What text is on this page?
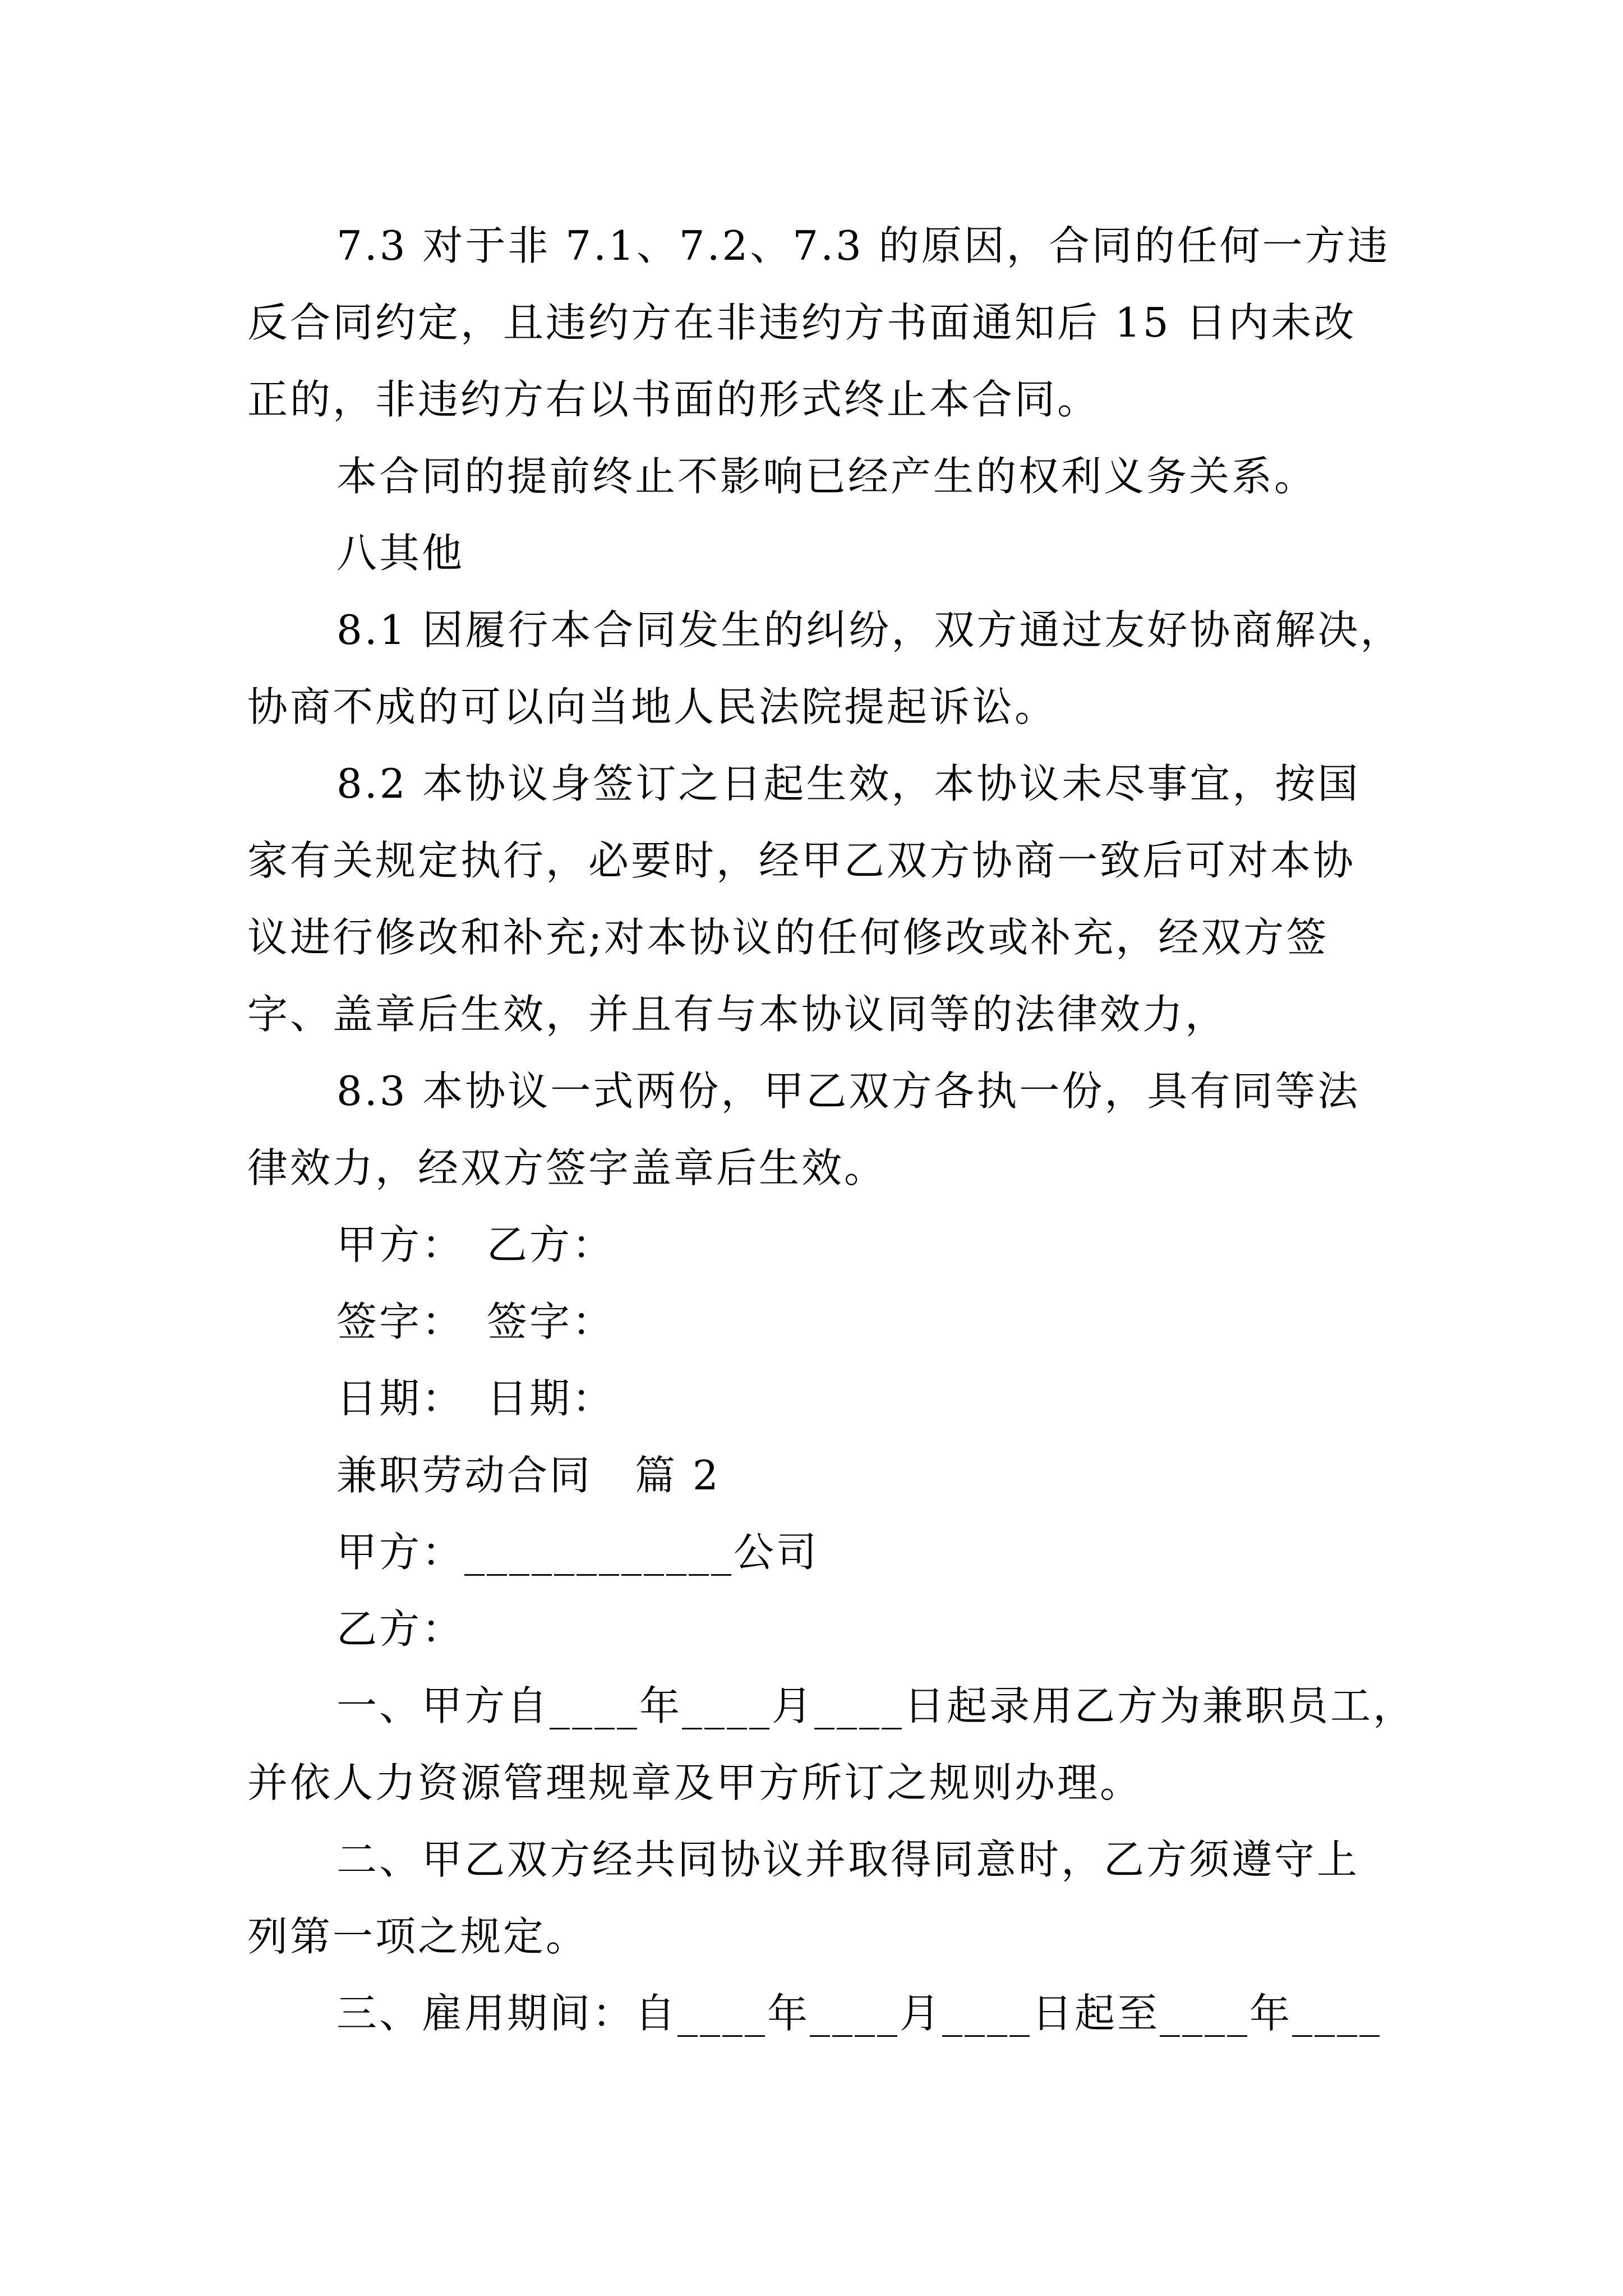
7.3 对于非 7.1、7.2、7.3 的原因，合同的任何一方违

反合同约定，且违约方在非违约方书面通知后 15 日内未改

正的，非违约方右以书面的形式终止本合同。

本合同的提前终止不影响已经产生的权利义务关系。

八其他

8.1 因履行本合同发生的纠纷，双方通过友好协商解决，

协商不成的可以向当地人民法院提起诉讼。

8.2 本协议身签订之日起生效，本协议未尽事宜，按国

家有关规定执行，必要时，经甲乙双方协商一致后可对本协

议进行修改和补充;对本协议的任何修改或补充，经双方签

字、盖章后生效，并且有与本协议同等的法律效力，

8.3 本协议一式两份，甲乙双方各执一份，具有同等法

律效力，经双方签字盖章后生效。

甲方：　乙方：

签字：　签字：

日期：　日期：

兼职劳动合同　篇 2

甲方：____________公司

乙方：

一、甲方自____年____月____日起录用乙方为兼职员工，

并依人力资源管理规章及甲方所订之规则办理。

二、甲乙双方经共同协议并取得同意时，乙方须遵守上

列第一项之规定。

三、雇用期间：自____年____月____日起至____年____
